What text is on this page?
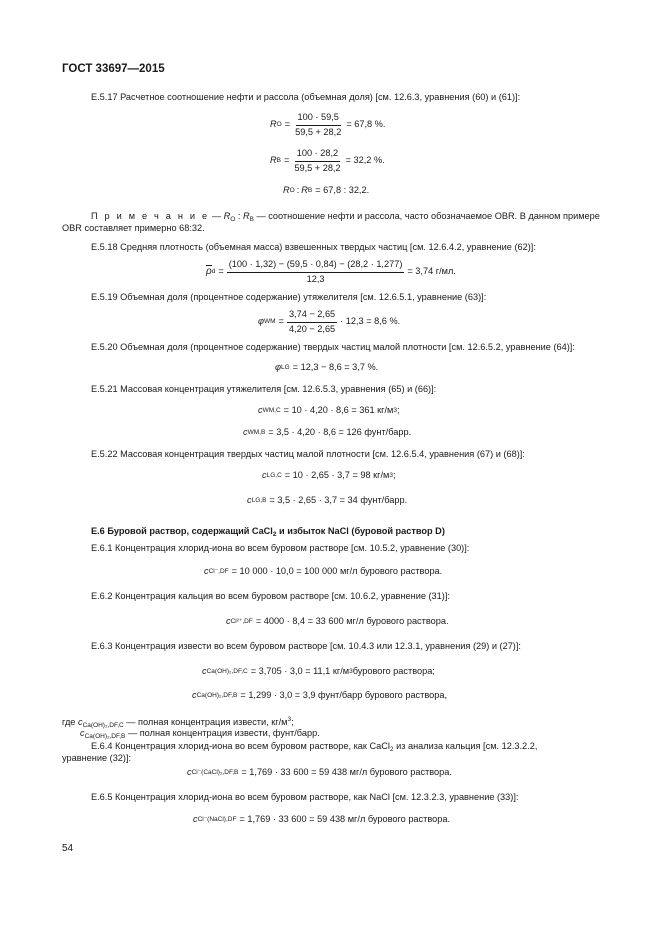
ГОСТ 33697—2015
Е.5.17 Расчетное соотношение нефти и рассола (объемная доля) [см. 12.6.3, уравнения (60) и (61)]:
R $O = \frac{100 \cdot 59,5}{59,5 + 28,2} = 67,8$ %.
R $B = \frac{100 \cdot 28,2}{59,5 + 28,2} = 32,2$ %.
R O : R B = 67,8 : 32,2.
П р и м е ч а н и е — $R_O$ : $R_B$ — соотношение нефти и рассола, часто обозначаемое OBR. В данном примере
OBR составляет примерно 68:32.
Е.5.18 Средняя плотность (объемная масса) взвешенных твердых частиц [см. 12.6.4.2, уравнение (62)]:
ρ $d = \frac{(100 \cdot 1,32) - (59,5 \cdot 0,84) - (28,2 \cdot 1,277)}{12,3} = 3,74$ г/мл.
Е.5.19 Объемная доля (процентное содержание) утяжелителя [см. 12.6.5.1, уравнение (63)]:
φ WM = $\frac{3,74 - 2,65}{4,20 - 2,65} \cdot 12,3 = 8,6$ %.
Е.5.20 Объемная доля (процентное содержание) твердых частиц малой плотности [см. 12.6.5.2, уравнение (64)]:
φ LG = 12,3 − 8,6 = 3,7 %.
Е.5.21 Массовая концентрация утяжелителя [см. 12.6.5.3, уравнения (65) и (66)]:
c WM,C = 10 · 4,20 · 8,6 = 361 кг/м 3 ;
c WM,B = 3,5 · 4,20 · 8,6 = 126 фунт/барр.
Е.5.22 Массовая концентрация твердых частиц малой плотности [см. 12.6.5.4, уравнения (67) и (68)]:
c LG,C = 10 · 2,65 · 3,7 = 98 кг/м 3 ;
c LG,B = 3,5 · 2,65 · 3,7 = 34 фунт/барр.
Е.6 Буровой раствор, содержащий CaCl$_2$ и избыток NaCl (буровой раствор D)
Е.6.1 Концентрация хлорид-иона во всем буровом растворе [см. 10.5.2, уравнение (30)]:
c Cl⁻,DF = 10 000 · 10,0 = 100 000 мг/л бурового раствора.
Е.6.2 Концентрация кальция во всем буровом растворе [см. 10.6.2, уравнение (31)]:
c Cl²⁺,DF = 4000 · 8,4 = 33 600 мг/л бурового раствора.
Е.6.3 Концентрация извести во всем буровом растворе [см. 10.4.3 или 12.3.1, уравнения (29) и (27)]:
c Ca(OH)₂,DF,C = 3,705 · 3,0 = 11,1 кг/м 3 бурового раствора;
c Ca(OH)₂,DF,B = 1,299 · 3,0 = 3,9 фунт/барр бурового раствора,
где $c_{Ca(OH)_2,DF,C}$ — полная концентрация извести, $кг/м^3$;
$c_{Ca(OH)_2,DF,B}$ — полная концентрация извести, фунт/барр.
Е.6.4 Концентрация хлорид-иона во всем буровом растворе, как CaCl$_2$ из анализа кальция [см. 12.3.2.2,
уравнение (32)]:
c Cl⁻(CaCl)₂,DF,B = 1,769 · 33 600 = 59 438 мг/л бурового раствора.
Е.6.5 Концентрация хлорид-иона во всем буровом растворе, как NaCl [см. 12.3.2.3, уравнение (33)]:
c Cl⁻(NaCl),DF = 1,769 · 33 600 = 59 438 мг/л бурового раствора.
54
